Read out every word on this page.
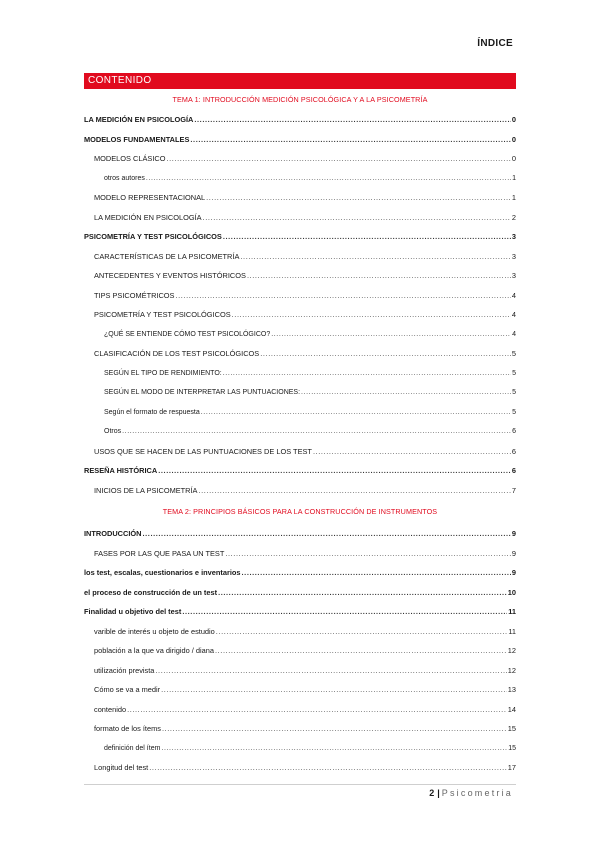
ÍNDICE
CONTENIDO
TEMA 1: INTRODUCCIÓN MEDICIÓN PSICOLÓGICA Y A LA PSICOMETRÍA
LA MEDICIÓN EN PSICOLOGÍA .....	0
MODELOS FUNDAMENTALES .....	0
MODELOS CLÁSICO .....	0
otros autores .....	1
MODELO REPRESENTACIONAL .....	1
LA MEDICIÓN EN PSICOLOGÍA .....	2
PSICOMETRÍA Y TEST PSICOLÓGICOS .....	3
CARACTERÍSTICAS DE LA PSICOMETRÍA .....	3
ANTECEDENTES Y EVENTOS HISTÓRICOS .....	3
TIPS PSICOMÉTRICOS .....	4
PSICOMETRÍA Y TEST PSICOLÓGICOS .....	4
¿QUÉ SE ENTIENDE CÓMO TEST PSICOLÓGICO? .....	4
CLASIFICACIÓN DE LOS TEST PSICOLÓGICOS .....	5
SEGÚN EL TIPO DE RENDIMIENTO: .....	5
SEGÚN EL MODO DE INTERPRETAR LAS PUNTUACIONES: .....	5
Según el formato de respuesta .....	5
Otros .....	6
USOS QUE SE HACEN DE LAS PUNTUACIONES DE LOS TEST .....	6
RESEÑA HISTÓRICA .....	6
INICIOS DE LA PSICOMETRÍA .....	7
TEMA 2: PRINCIPIOS BÁSICOS PARA LA CONSTRUCCIÓN DE INSTRUMENTOS
INTRODUCCIÓN .....	9
FASES POR LAS QUE PASA UN TEST .....	9
los test, escalas, cuestionarios e inventarios .....	9
el proceso de construcción de un test .....	10
Finalidad u objetivo del test .....	11
varible de interés u objeto de estudio .....	11
población a la que va dirigido / diana .....	12
utilización prevista .....	12
Cómo se va a medir .....	13
contenido .....	14
formato de los ítems .....	15
definición del ítem .....	15
Longitud del test .....	17
2 | Psicometria
